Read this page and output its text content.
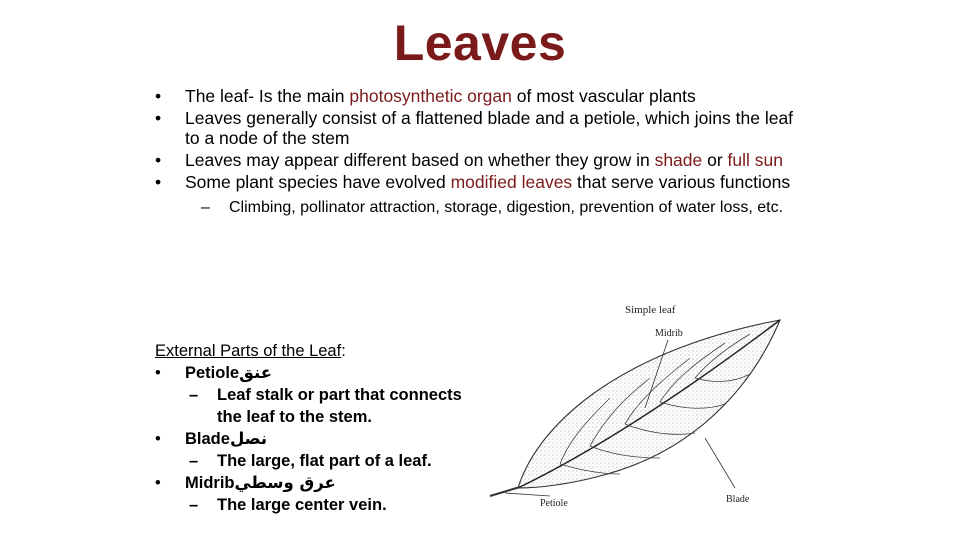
Leaves
• The leaf- Is the main photosynthetic organ of most vascular plants
• Leaves generally consist of a flattened blade and a petiole, which joins the leaf to a node of the stem
• Leaves may appear different based on whether they grow in shade or full sun
• Some plant species have evolved modified leaves that serve various functions
– Climbing, pollinator attraction, storage, digestion, prevention of water loss, etc.
External Parts of the Leaf:
• Petioleعنق
– Leaf stalk or part that connects the leaf to the stem.
• Bladeنصل
– The large, flat part of a leaf.
• Midribعرق وسطي
– The large center vein.
Simple leaf
Midrib
Petiole	Blade
